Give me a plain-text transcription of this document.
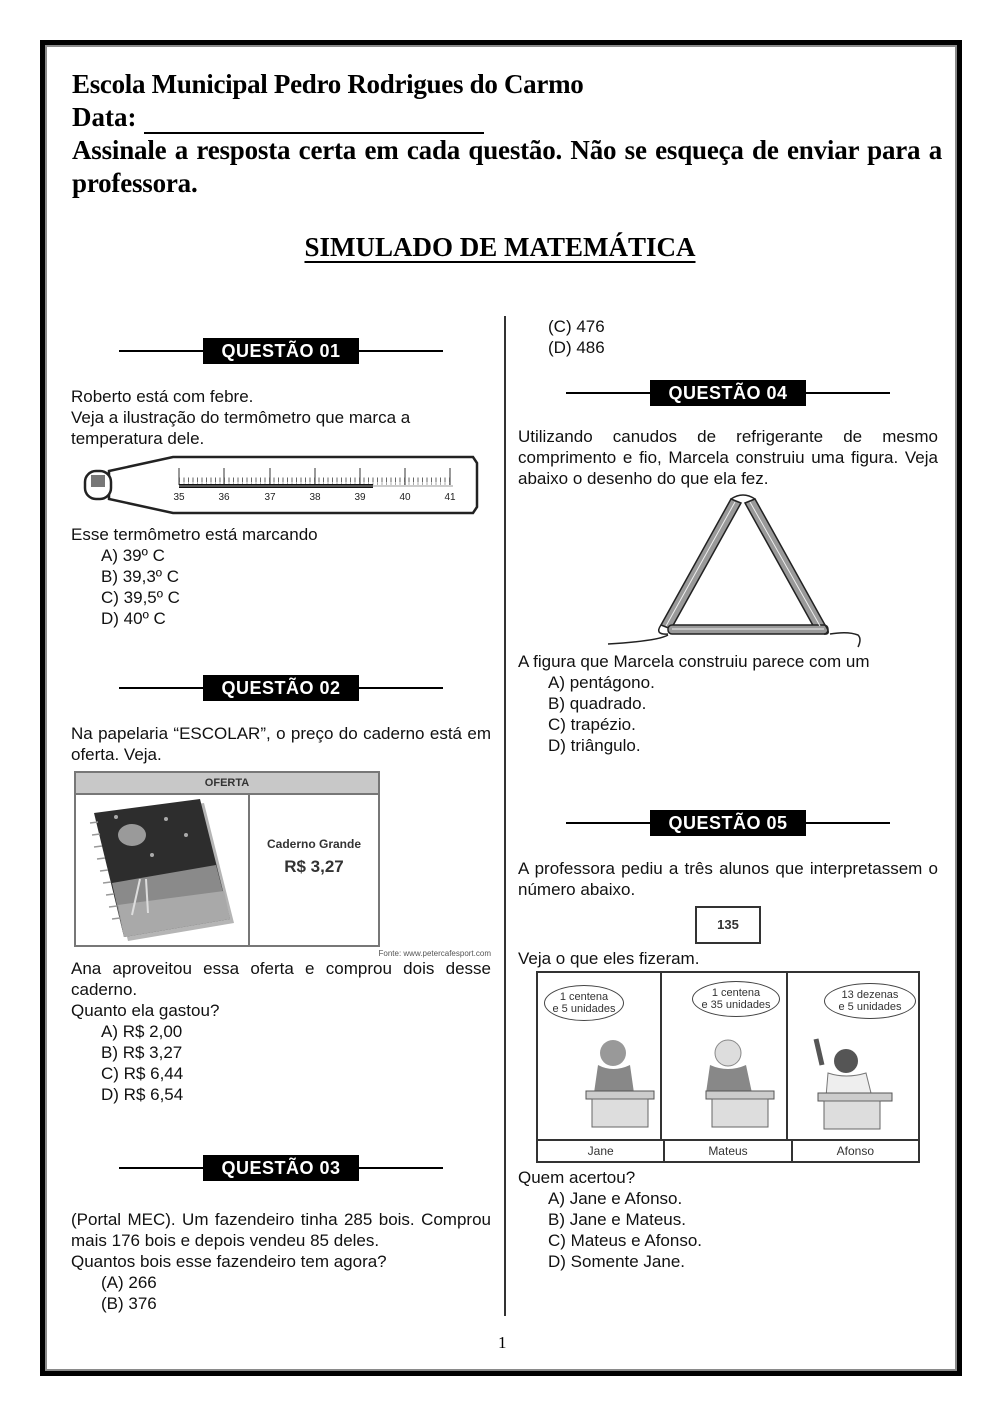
Escola Municipal Pedro Rodrigues do Carmo
Data:
Assinale a resposta certa em cada questão. Não se esqueça de enviar para a professora.
SIMULADO DE MATEMÁTICA
QUESTÃO 01
Roberto está com febre.
Veja a ilustração do termômetro que marca a temperatura dele.
35	36	37	38	39	40	41
Esse termômetro está marcando
A) 39º C
B) 39,3º C
C) 39,5º C
D) 40º C
QUESTÃO 02
Na papelaria “ESCOLAR”, o preço do caderno está em oferta. Veja.
OFERTA
Caderno Grande
R$ 3,27
Fonte: www.petercafesport.com
Ana aproveitou essa oferta e comprou dois desse caderno.
Quanto ela gastou?
A) R$ 2,00
B) R$ 3,27
C) R$ 6,44
D) R$ 6,54
QUESTÃO 03
(Portal MEC). Um fazendeiro tinha 285 bois. Comprou mais 176 bois e depois vendeu 85 deles.
Quantos bois esse fazendeiro tem agora?
(A) 266
(B) 376
(C) 476
(D) 486
QUESTÃO 04
Utilizando canudos de refrigerante de mesmo comprimento e fio, Marcela construiu uma figura. Veja abaixo o desenho do que ela fez.
A figura que Marcela construiu parece com um
A) pentágono.
B) quadrado.
C) trapézio.
D) triângulo.
QUESTÃO 05
A professora pediu a três alunos que interpretassem o número abaixo.
135
Veja o que eles fizeram.
1 centena
e 5 unidades
1 centena
e 35 unidades
13 dezenas
e 5 unidades
Jane	Mateus	Afonso
Quem acertou?
A) Jane e Afonso.
B) Jane e Mateus.
C) Mateus e Afonso.
D) Somente Jane.
1
